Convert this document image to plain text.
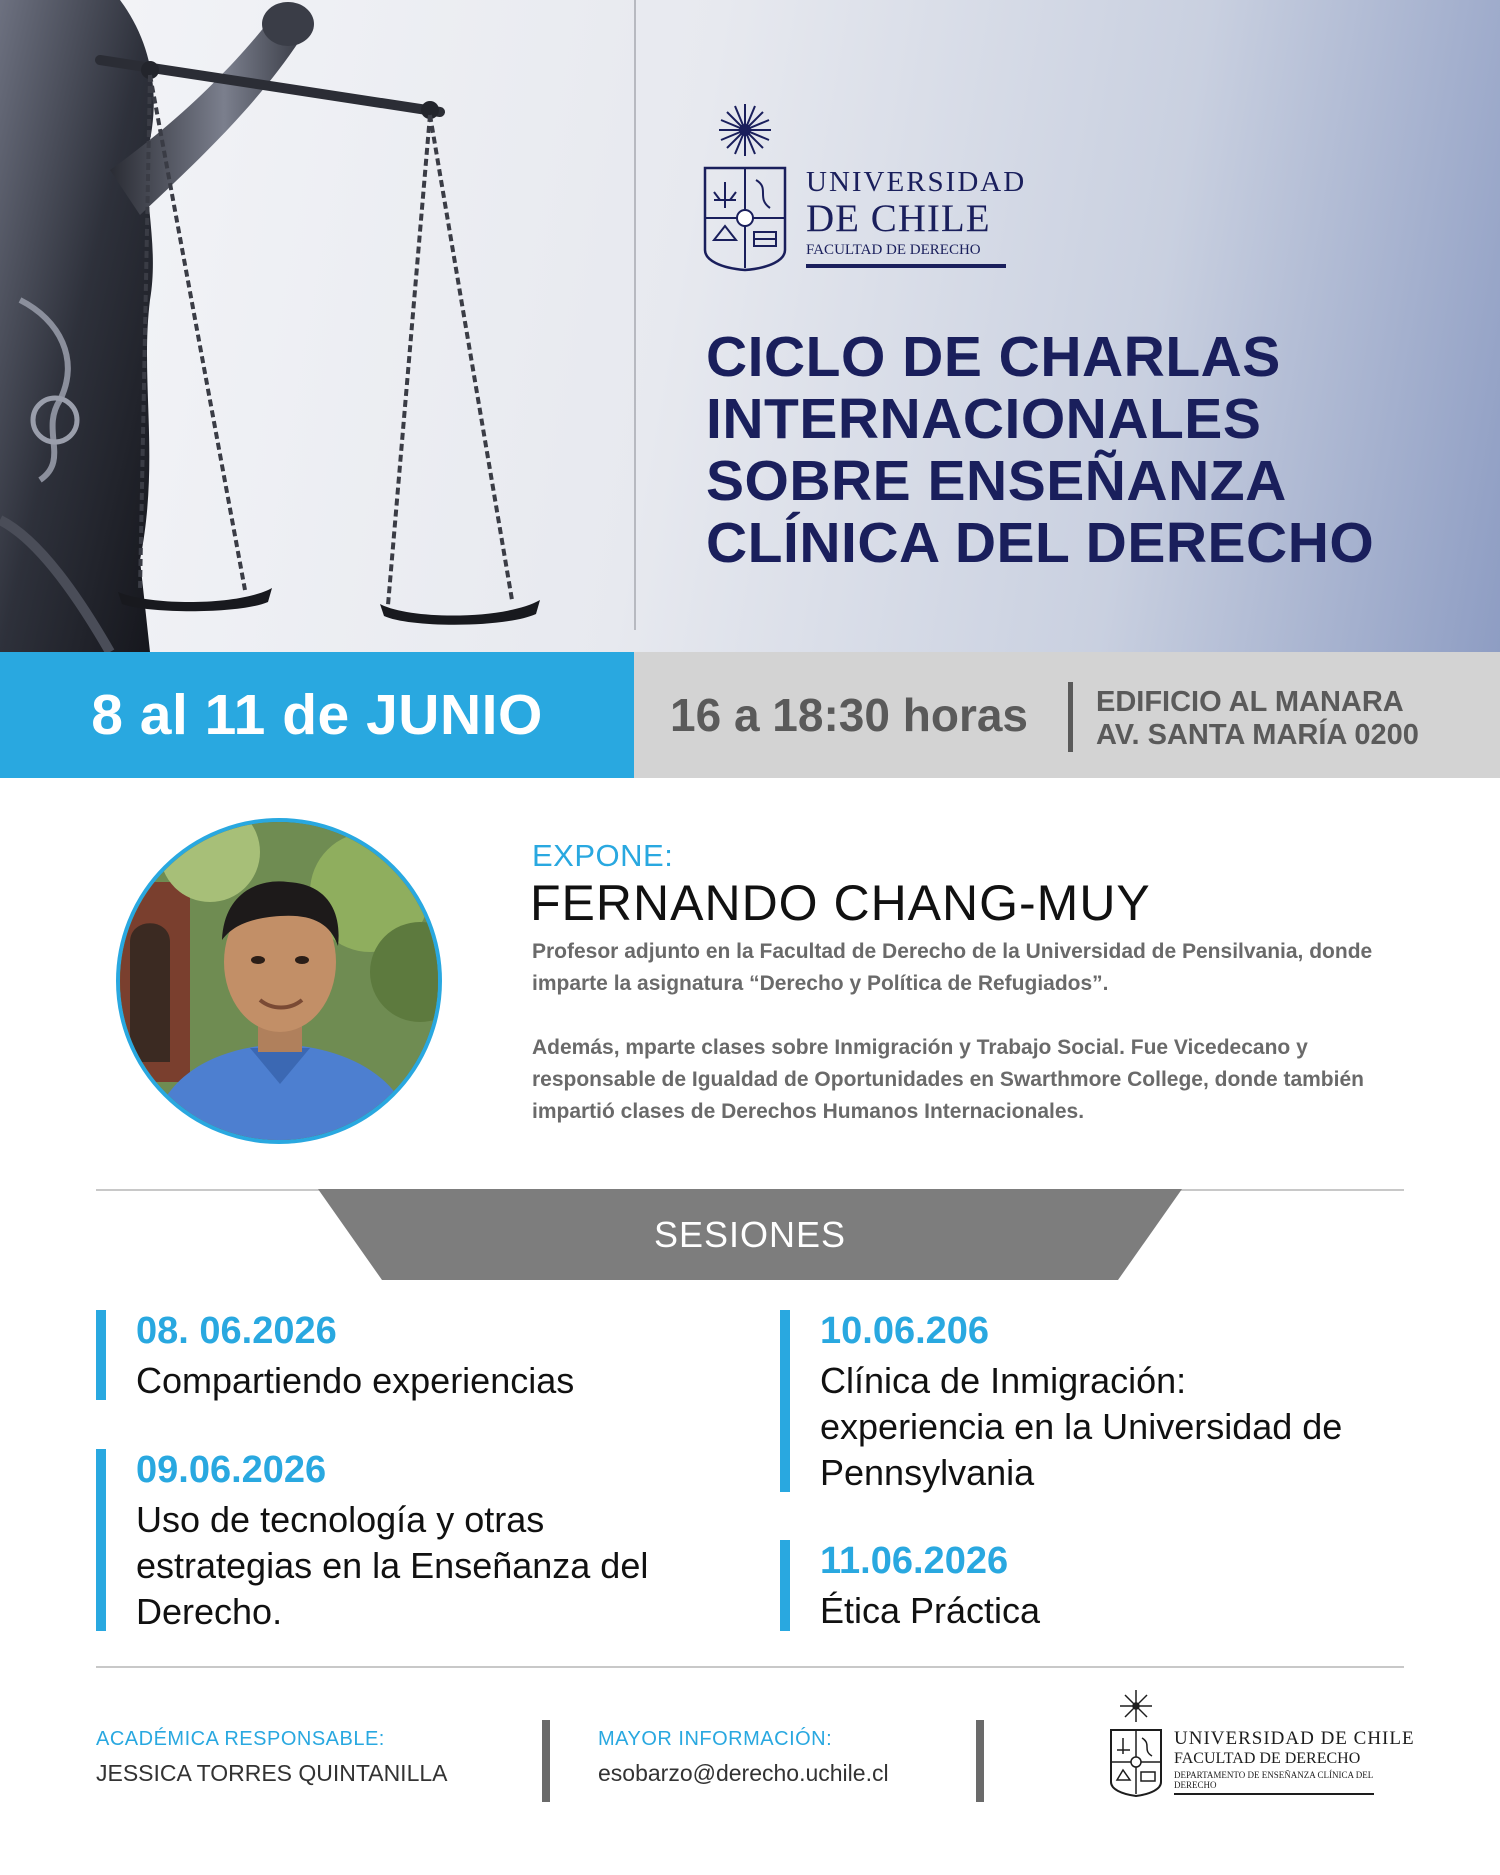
UNIVERSIDAD
DE CHILE
FACULTAD DE DERECHO
CICLO DE CHARLAS
INTERNACIONALES
SOBRE ENSEÑANZA
CLÍNICA DEL DERECHO
8 al 11 de JUNIO	16 a 18:30 horas EDIFICIO AL MANARA
AV. SANTA MARÍA 0200
EXPONE:
FERNANDO CHANG-MUY

Profesor adjunto en la Facultad de Derecho de la Universidad de Pensilvania, donde imparte la asignatura “Derecho y Política de Refugiados”.

Además, mparte clases sobre Inmigración y Trabajo Social. Fue Vicedecano y responsable de Igualdad de Oportunidades en Swarthmore College, donde también impartió clases de Derechos Humanos Internacionales.

SESIONES
08. 06.2026
Compartiendo experiencias
09.06.2026
Uso de tecnología y otras estrategias en la Enseñanza del Derecho.
10.06.206
Clínica de Inmigración: experiencia en la Universidad de Pennsylvania
11.06.2026
Ética Práctica
ACADÉMICA RESPONSABLE:
JESSICA TORRES QUINTANILLA
MAYOR INFORMACIÓN:
esobarzo@derecho.uchile.cl
UNIVERSIDAD DE CHILE
FACULTAD DE DERECHO
DEPARTAMENTO DE ENSEÑANZA CLÍNICA DEL DERECHO
